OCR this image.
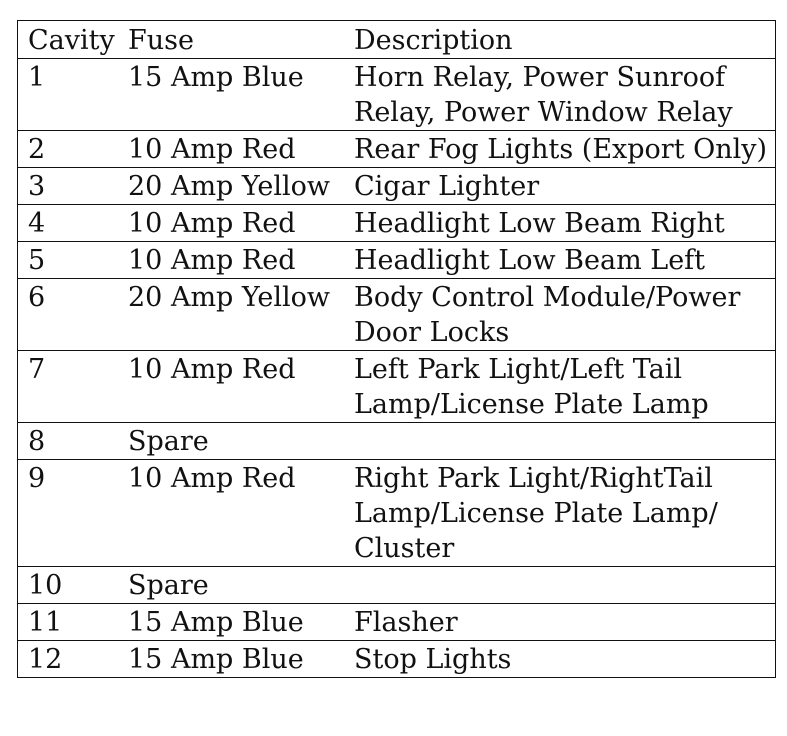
Cavity	Fuse	Description
1	15 Amp Blue	Horn Relay, Power Sunroof Relay, Power Window Relay
2	10 Amp Red	Rear Fog Lights (Export Only)
3	20 Amp Yellow	Cigar Lighter
4	10 Amp Red	Headlight Low Beam Right
5	10 Amp Red	Headlight Low Beam Left
6	20 Amp Yellow	Body Control Module/Power Door Locks
7	10 Amp Red	Left Park Light/Left Tail Lamp/License Plate Lamp
8	Spare	
9	10 Amp Red	Right Park Light/RightTail Lamp/License Plate Lamp/ Cluster
10	Spare	
11	15 Amp Blue	Flasher
12	15 Amp Blue	Stop Lights
